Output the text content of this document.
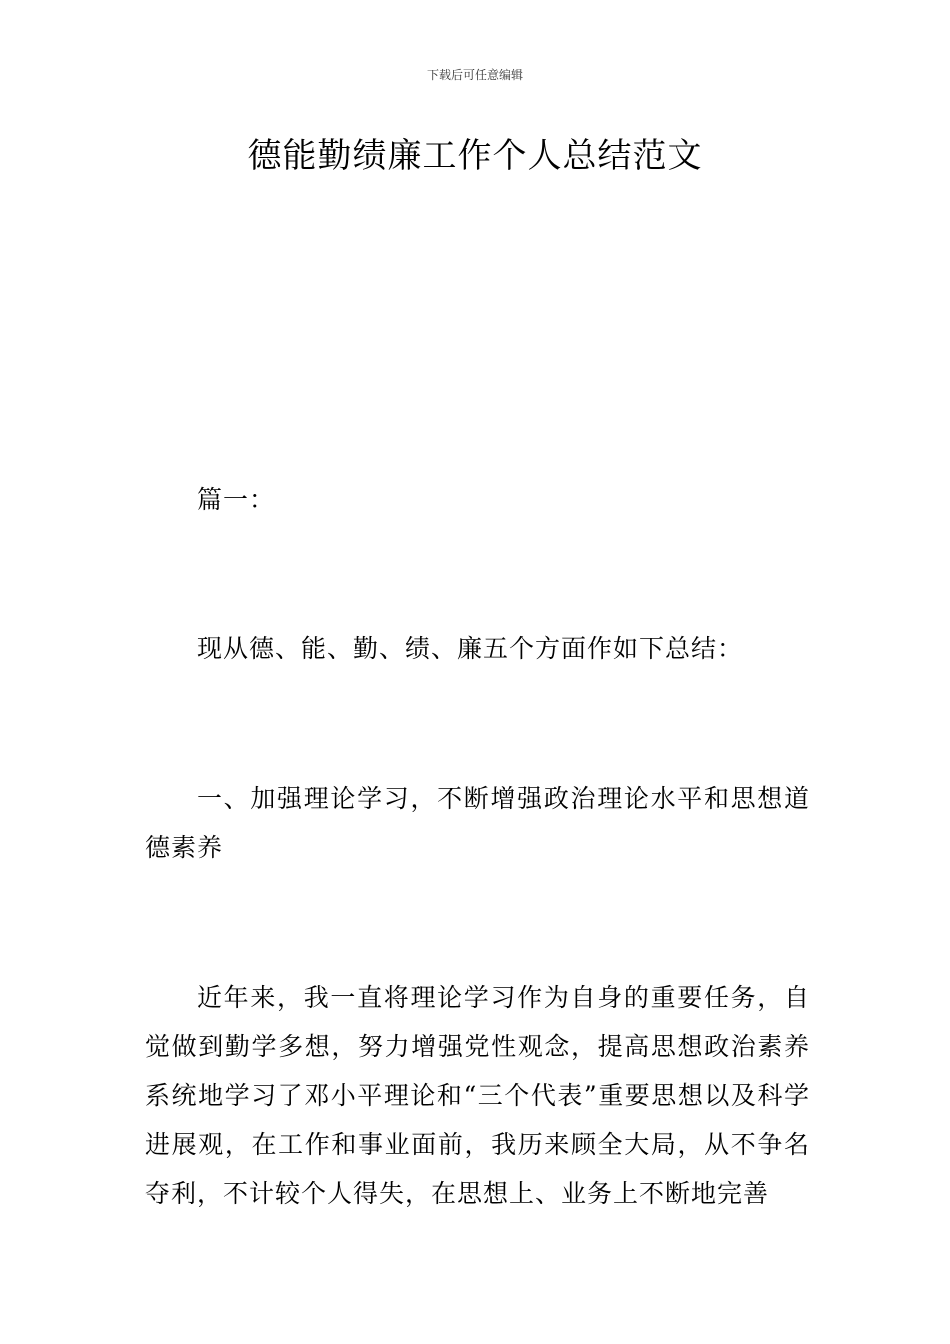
下载后可任意编辑
德能勤绩廉工作个人总结范文

篇一：

现从德、能、勤、绩、廉五个方面作如下总结：

一、加强理论学习，不断增强政治理论水平和思想道德素养

近年来，我一直将理论学习作为自身的重要任务，自觉做到勤学多想，努力增强党性观念，提高思想政治素养系统地学习了邓小平理论和“三个代表”重要思想以及科学进展观，在工作和事业面前，我历来顾全大局，从不争名夺利，不计较个人得失，在思想上、业务上不断地完善
